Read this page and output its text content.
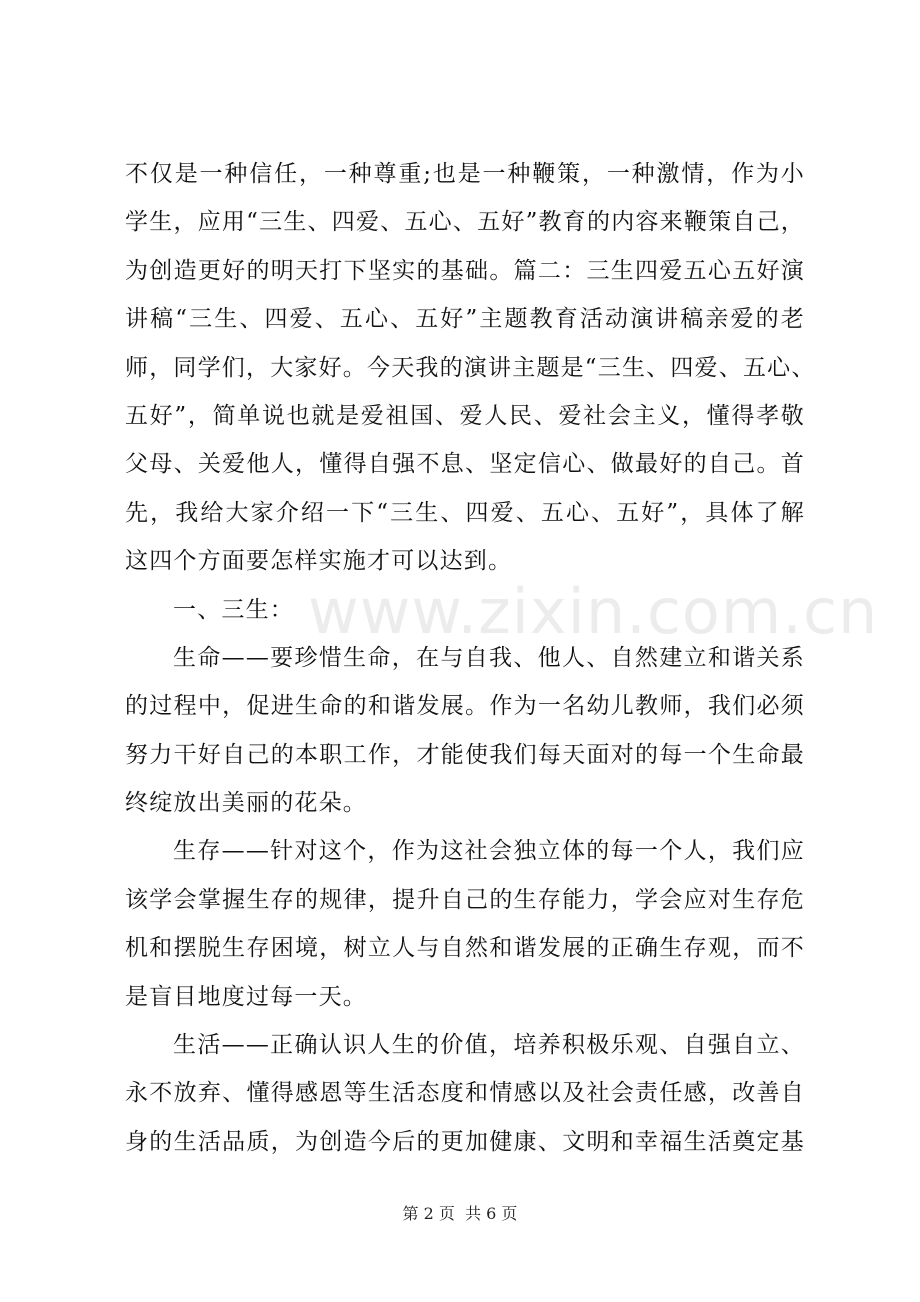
www.zixin.com.cn
不仅是一种信任，一种尊重;也是一种鞭策，一种激情，作为小
学生，应用“三生、四爱、五心、五好”教育的内容来鞭策自己，
为创造更好的明天打下坚实的基础。篇二：三生四爱五心五好演
讲稿“三生、四爱、五心、五好”主题教育活动演讲稿亲爱的老
师，同学们，大家好。今天我的演讲主题是“三生、四爱、五心、
五好”，简单说也就是爱祖国、爱人民、爱社会主义，懂得孝敬
父母、关爱他人，懂得自强不息、坚定信心、做最好的自己。首
先，我给大家介绍一下“三生、四爱、五心、五好”，具体了解
这四个方面要怎样实施才可以达到。
一、三生：
生命——要珍惜生命，在与自我、他人、自然建立和谐关系
的过程中，促进生命的和谐发展。作为一名幼儿教师，我们必须
努力干好自己的本职工作，才能使我们每天面对的每一个生命最
终绽放出美丽的花朵。
生存——针对这个，作为这社会独立体的每一个人，我们应
该学会掌握生存的规律，提升自己的生存能力，学会应对生存危
机和摆脱生存困境，树立人与自然和谐发展的正确生存观，而不
是盲目地度过每一天。
生活——正确认识人生的价值，培养积极乐观、自强自立、
永不放弃、懂得感恩等生活态度和情感以及社会责任感，改善自
身的生活品质，为创造今后的更加健康、文明和幸福生活奠定基
第 2 页  共 6 页
